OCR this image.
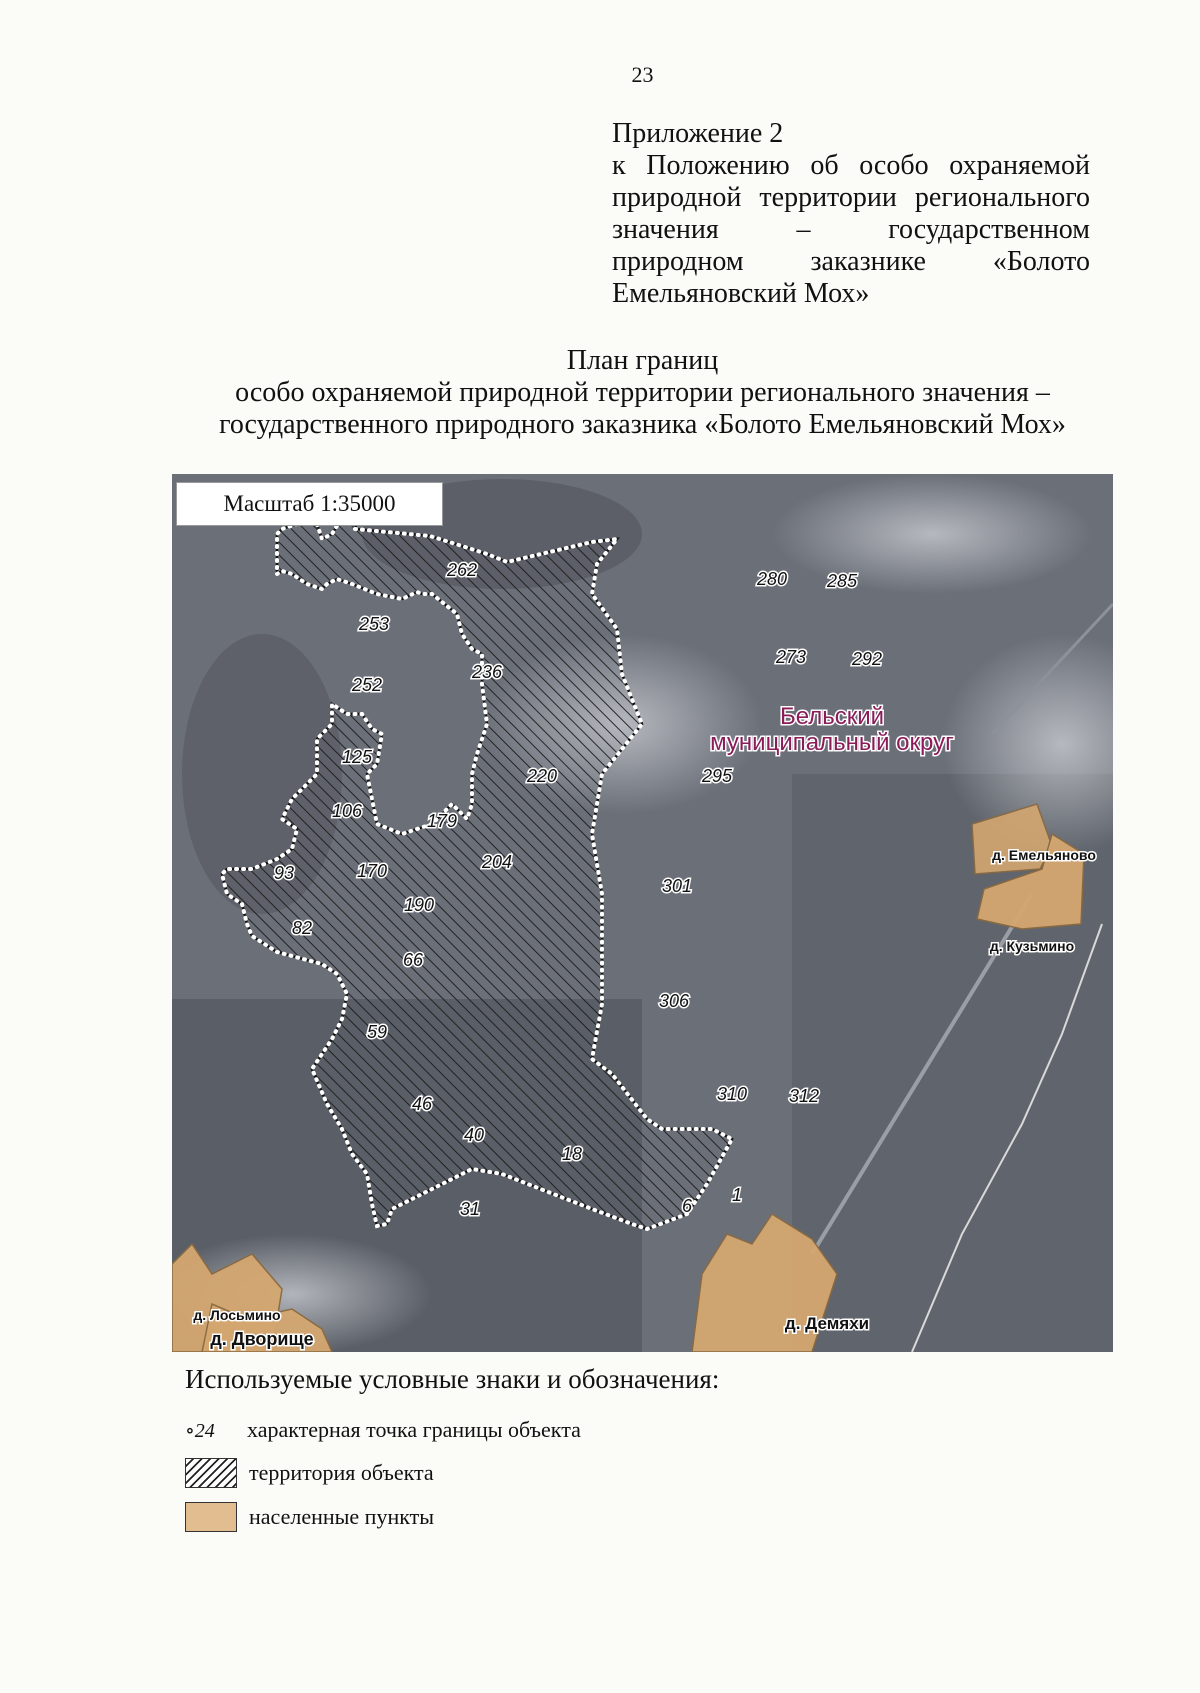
23
Приложение 2
к Положению об особо охраняемой
природной территории регионального
значения – государственном
природном заказнике «Болото
Емельяновский Мох»
План границ
особо охраняемой природной территории регионального значения –
государственного природного заказника «Болото Емельяновский Мох»
Бельский
муниципальный округ
д. Емельяново
д. Кузьмино
д. Лосьмино
д. Дворище
д. Демяхи
262	280 285
253
273	292
252
236
125
220	295
106	179
93	170	204
301
190
82
66
306
59
310 312
46
40
18
1
31	6
Масштаб 1:35000
Используемые условные знаки и обозначения:
∘24	характерная точка границы объекта
территория объекта
населенные пункты
